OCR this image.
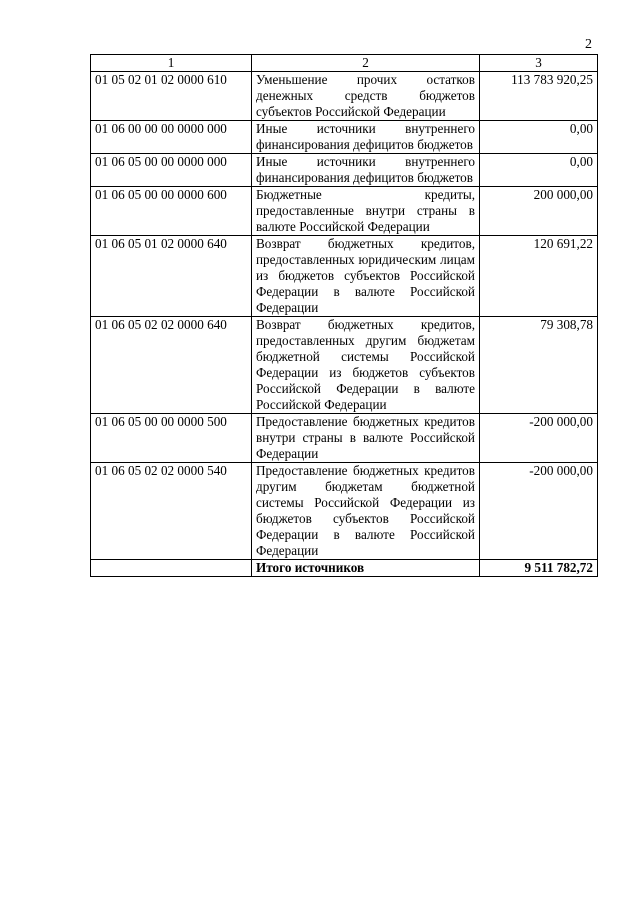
2
1	2	3
01 05 02 01 02 0000 610	Уменьшение прочих остатков денежных средств бюджетов субъектов Российской Федерации	113 783 920,25
01 06 00 00 00 0000 000	Иные источники внутреннего финансирования дефицитов бюджетов	0,00
01 06 05 00 00 0000 000	Иные источники внутреннего финансирования дефицитов бюджетов	0,00
01 06 05 00 00 0000 600	Бюджетные кредиты, предоставленные внутри страны в валюте Российской Федерации	200 000,00
01 06 05 01 02 0000 640	Возврат бюджетных кредитов, предоставленных юридическим лицам из бюджетов субъектов Российской Федерации в валюте Российской Федерации	120 691,22
01 06 05 02 02 0000 640	Возврат бюджетных кредитов, предоставленных другим бюджетам бюджетной системы Российской Федерации из бюджетов субъектов Российской Федерации в валюте Российской Федерации	79 308,78
01 06 05 00 00 0000 500	Предоставление бюджетных кредитов внутри страны в валюте Российской Федерации	-200 000,00
01 06 05 02 02 0000 540	Предоставление бюджетных кредитов другим бюджетам бюджетной системы Российской Федерации из бюджетов субъектов Российской Федерации в валюте Российской Федерации	-200 000,00
	Итого источников	9 511 782,72
